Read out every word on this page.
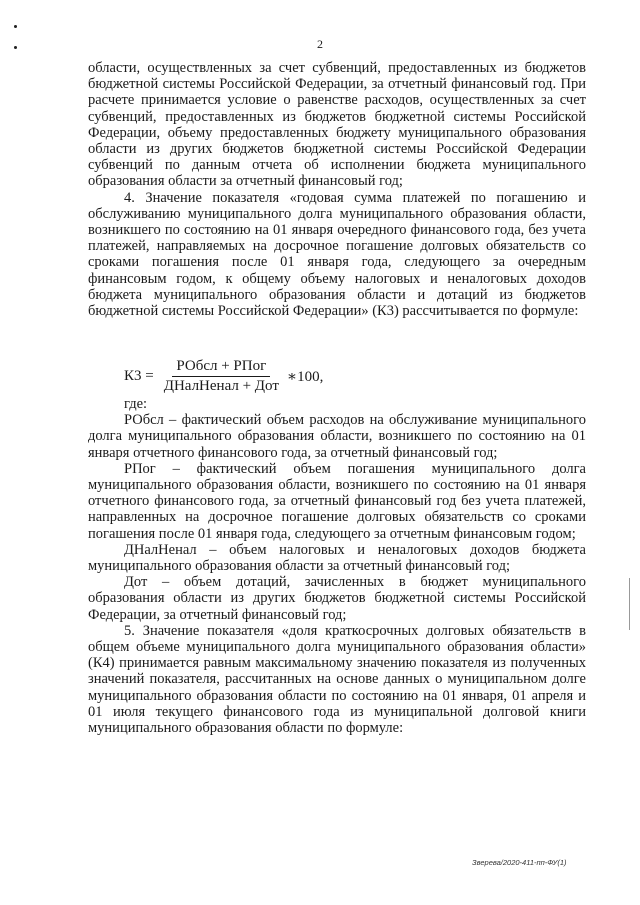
2

области, осуществленных за счет субвенций, предоставленных из бюджетов бюджетной системы Российской Федерации, за отчетный финансовый год. При расчете принимается условие о равенстве расходов, осуществленных за счет субвенций, предоставленных из бюджетов бюджетной системы Российской Федерации, объему предоставленных бюджету муниципального образования области из других бюджетов бюджетной системы Российской Федерации субвенций по данным отчета об исполнении бюджета муниципального образования области за отчетный финансовый год;

4. Значение показателя «годовая сумма платежей по погашению и обслуживанию муниципального долга муниципального образования области, возникшего по состоянию на 01 января очередного финансового года, без учета платежей, направляемых на досрочное погашение долговых обязательств со сроками погашения после 01 января года, следующего за очередным финансовым годом, к общему объему налоговых и неналоговых доходов бюджета муниципального образования области и дотаций из бюджетов бюджетной системы Российской Федерации» (К3) рассчитывается по формуле:

$К3 = \frac{\text{РОбсл + РПог}}{\text{ДНалНенал + Дот}}$ ∗100,

где:

РОбсл – фактический объем расходов на обслуживание муниципального долга муниципального образования области, возникшего по состоянию на 01 января отчетного финансового года, за отчетный финансовый год;

РПог – фактический объем погашения муниципального долга муниципального образования области, возникшего по состоянию на 01 января отчетного финансового года, за отчетный финансовый год без учета платежей, направленных на досрочное погашение долговых обязательств со сроками погашения после 01 января года, следующего за отчетным финансовым годом;

ДНалНенал – объем налоговых и неналоговых доходов бюджета муниципального образования области за отчетный финансовый год;

Дот – объем дотаций, зачисленных в бюджет муниципального образования области из других бюджетов бюджетной системы Российской Федерации, за отчетный финансовый год;

5. Значение показателя «доля краткосрочных долговых обязательств в общем объеме муниципального долга муниципального образования области» (К4) принимается равным максимальному значению показателя из полученных значений показателя, рассчитанных на основе данных о муниципальном долге муниципального образования области по состоянию на 01 января, 01 апреля и 01 июля текущего финансового года из муниципальной долговой книги муниципального образования области по формуле:

Зверева/2020-411-пп-ФУ(1)
